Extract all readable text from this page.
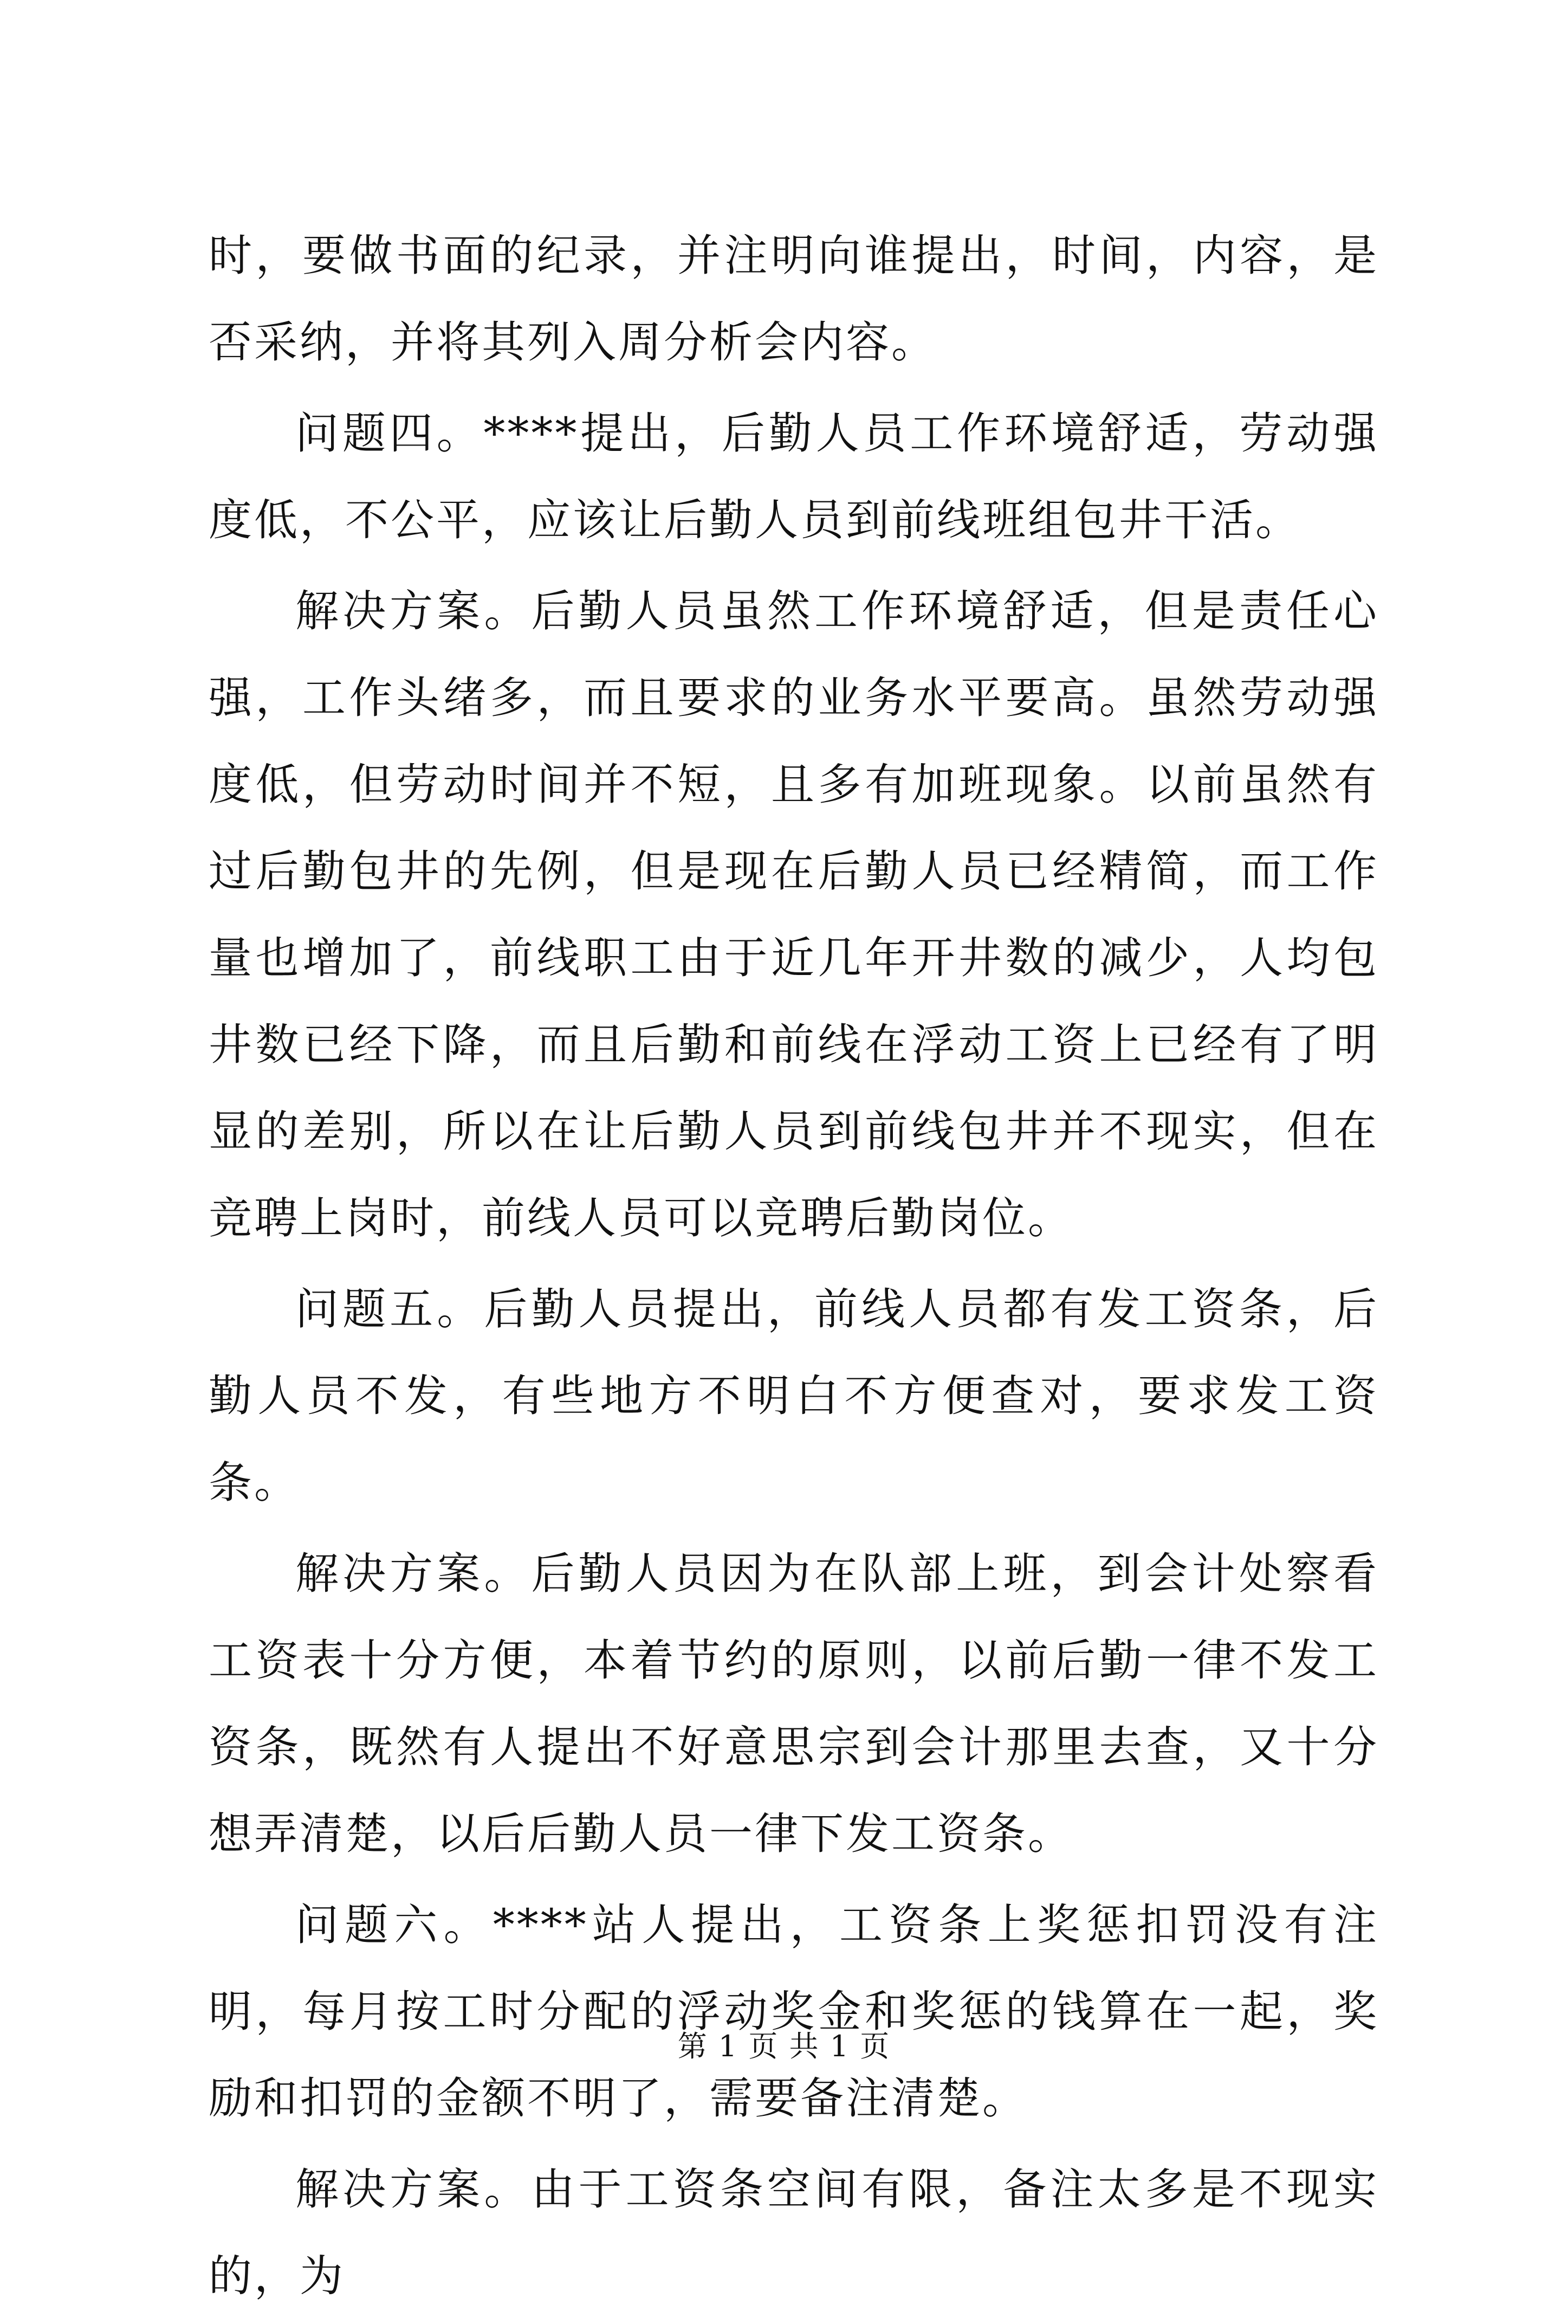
时，要做书面的纪录，并注明向谁提出，时间，内容，是否采纳，并将其列入周分析会内容。

问题四。****提出，后勤人员工作环境舒适，劳动强度低，不公平，应该让后勤人员到前线班组包井干活。

解决方案。后勤人员虽然工作环境舒适，但是责任心强，工作头绪多，而且要求的业务水平要高。虽然劳动强度低，但劳动时间并不短，且多有加班现象。以前虽然有过后勤包井的先例，但是现在后勤人员已经精简，而工作量也增加了，前线职工由于近几年开井数的减少，人均包井数已经下降，而且后勤和前线在浮动工资上已经有了明显的差别，所以在让后勤人员到前线包井并不现实，但在竞聘上岗时，前线人员可以竞聘后勤岗位。

问题五。后勤人员提出，前线人员都有发工资条，后勤人员不发，有些地方不明白不方便查对，要求发工资条。

解决方案。后勤人员因为在队部上班，到会计处察看工资表十分方便，本着节约的原则，以前后勤一律不发工资条，既然有人提出不好意思宗到会计那里去查，又十分想弄清楚，以后后勤人员一律下发工资条。

问题六。****站人提出，工资条上奖惩扣罚没有注明，每月按工时分配的浮动奖金和奖惩的钱算在一起，奖励和扣罚的金额不明了，需要备注清楚。

解决方案。由于工资条空间有限，备注太多是不现实的，为

第 1 页 共 1 页
